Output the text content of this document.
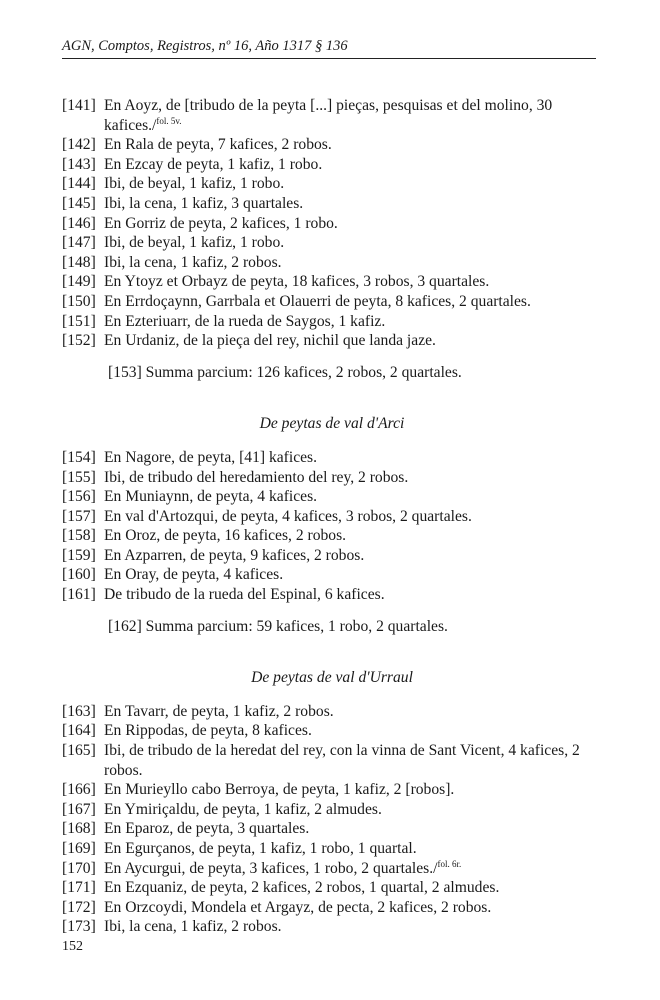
AGN, Comptos, Registros, nº 16, Año 1317 § 136
[141] En Aoyz, de [tribudo de la peyta [...] pieças, pesquisas et del molino, 30 kafices./$^{fol. 5v.}$
[142] En Rala de peyta, 7 kafices, 2 robos.
[143] En Ezcay de peyta, 1 kafiz, 1 robo.
[144] Ibi, de beyal, 1 kafiz, 1 robo.
[145] Ibi, la cena, 1 kafiz, 3 quartales.
[146] En Gorriz de peyta, 2 kafices, 1 robo.
[147] Ibi, de beyal, 1 kafiz, 1 robo.
[148] Ibi, la cena, 1 kafiz, 2 robos.
[149] En Ytoyz et Orbayz de peyta, 18 kafices, 3 robos, 3 quartales.
[150] En Errdoçaynn, Garrbala et Olauerri de peyta, 8 kafices, 2 quartales.
[151] En Ezteriuarr, de la rueda de Saygos, 1 kafiz.
[152] En Urdaniz, de la pieça del rey, nichil que landa jaze.
[153] Summa parcium: 126 kafices, 2 robos, 2 quartales.
De peytas de val d'Arci
[154] En Nagore, de peyta, [41] kafices.
[155] Ibi, de tribudo del heredamiento del rey, 2 robos.
[156] En Muniaynn, de peyta, 4 kafices.
[157] En val d'Artozqui, de peyta, 4 kafices, 3 robos, 2 quartales.
[158] En Oroz, de peyta, 16 kafices, 2 robos.
[159] En Azparren, de peyta, 9 kafices, 2 robos.
[160] En Oray, de peyta, 4 kafices.
[161] De tribudo de la rueda del Espinal, 6 kafices.
[162] Summa parcium: 59 kafices, 1 robo, 2 quartales.
De peytas de val d'Urraul
[163] En Tavarr, de peyta, 1 kafiz, 2 robos.
[164] En Rippodas, de peyta, 8 kafices.
[165] Ibi, de tribudo de la heredat del rey, con la vinna de Sant Vicent, 4 kafices, 2 robos.
[166] En Murieyllo cabo Berroya, de peyta, 1 kafiz, 2 [robos].
[167] En Ymiriçaldu, de peyta, 1 kafiz, 2 almudes.
[168] En Eparoz, de peyta, 3 quartales.
[169] En Egurçanos, de peyta, 1 kafiz, 1 robo, 1 quartal.
[170] En Aycurgui, de peyta, 3 kafices, 1 robo, 2 quartales./$^{fol. 6r.}$
[171] En Ezquaniz, de peyta, 2 kafices, 2 robos, 1 quartal, 2 almudes.
[172] En Orzcoydi, Mondela et Argayz, de pecta, 2 kafices, 2 robos.
[173] Ibi, la cena, 1 kafiz, 2 robos.
152
